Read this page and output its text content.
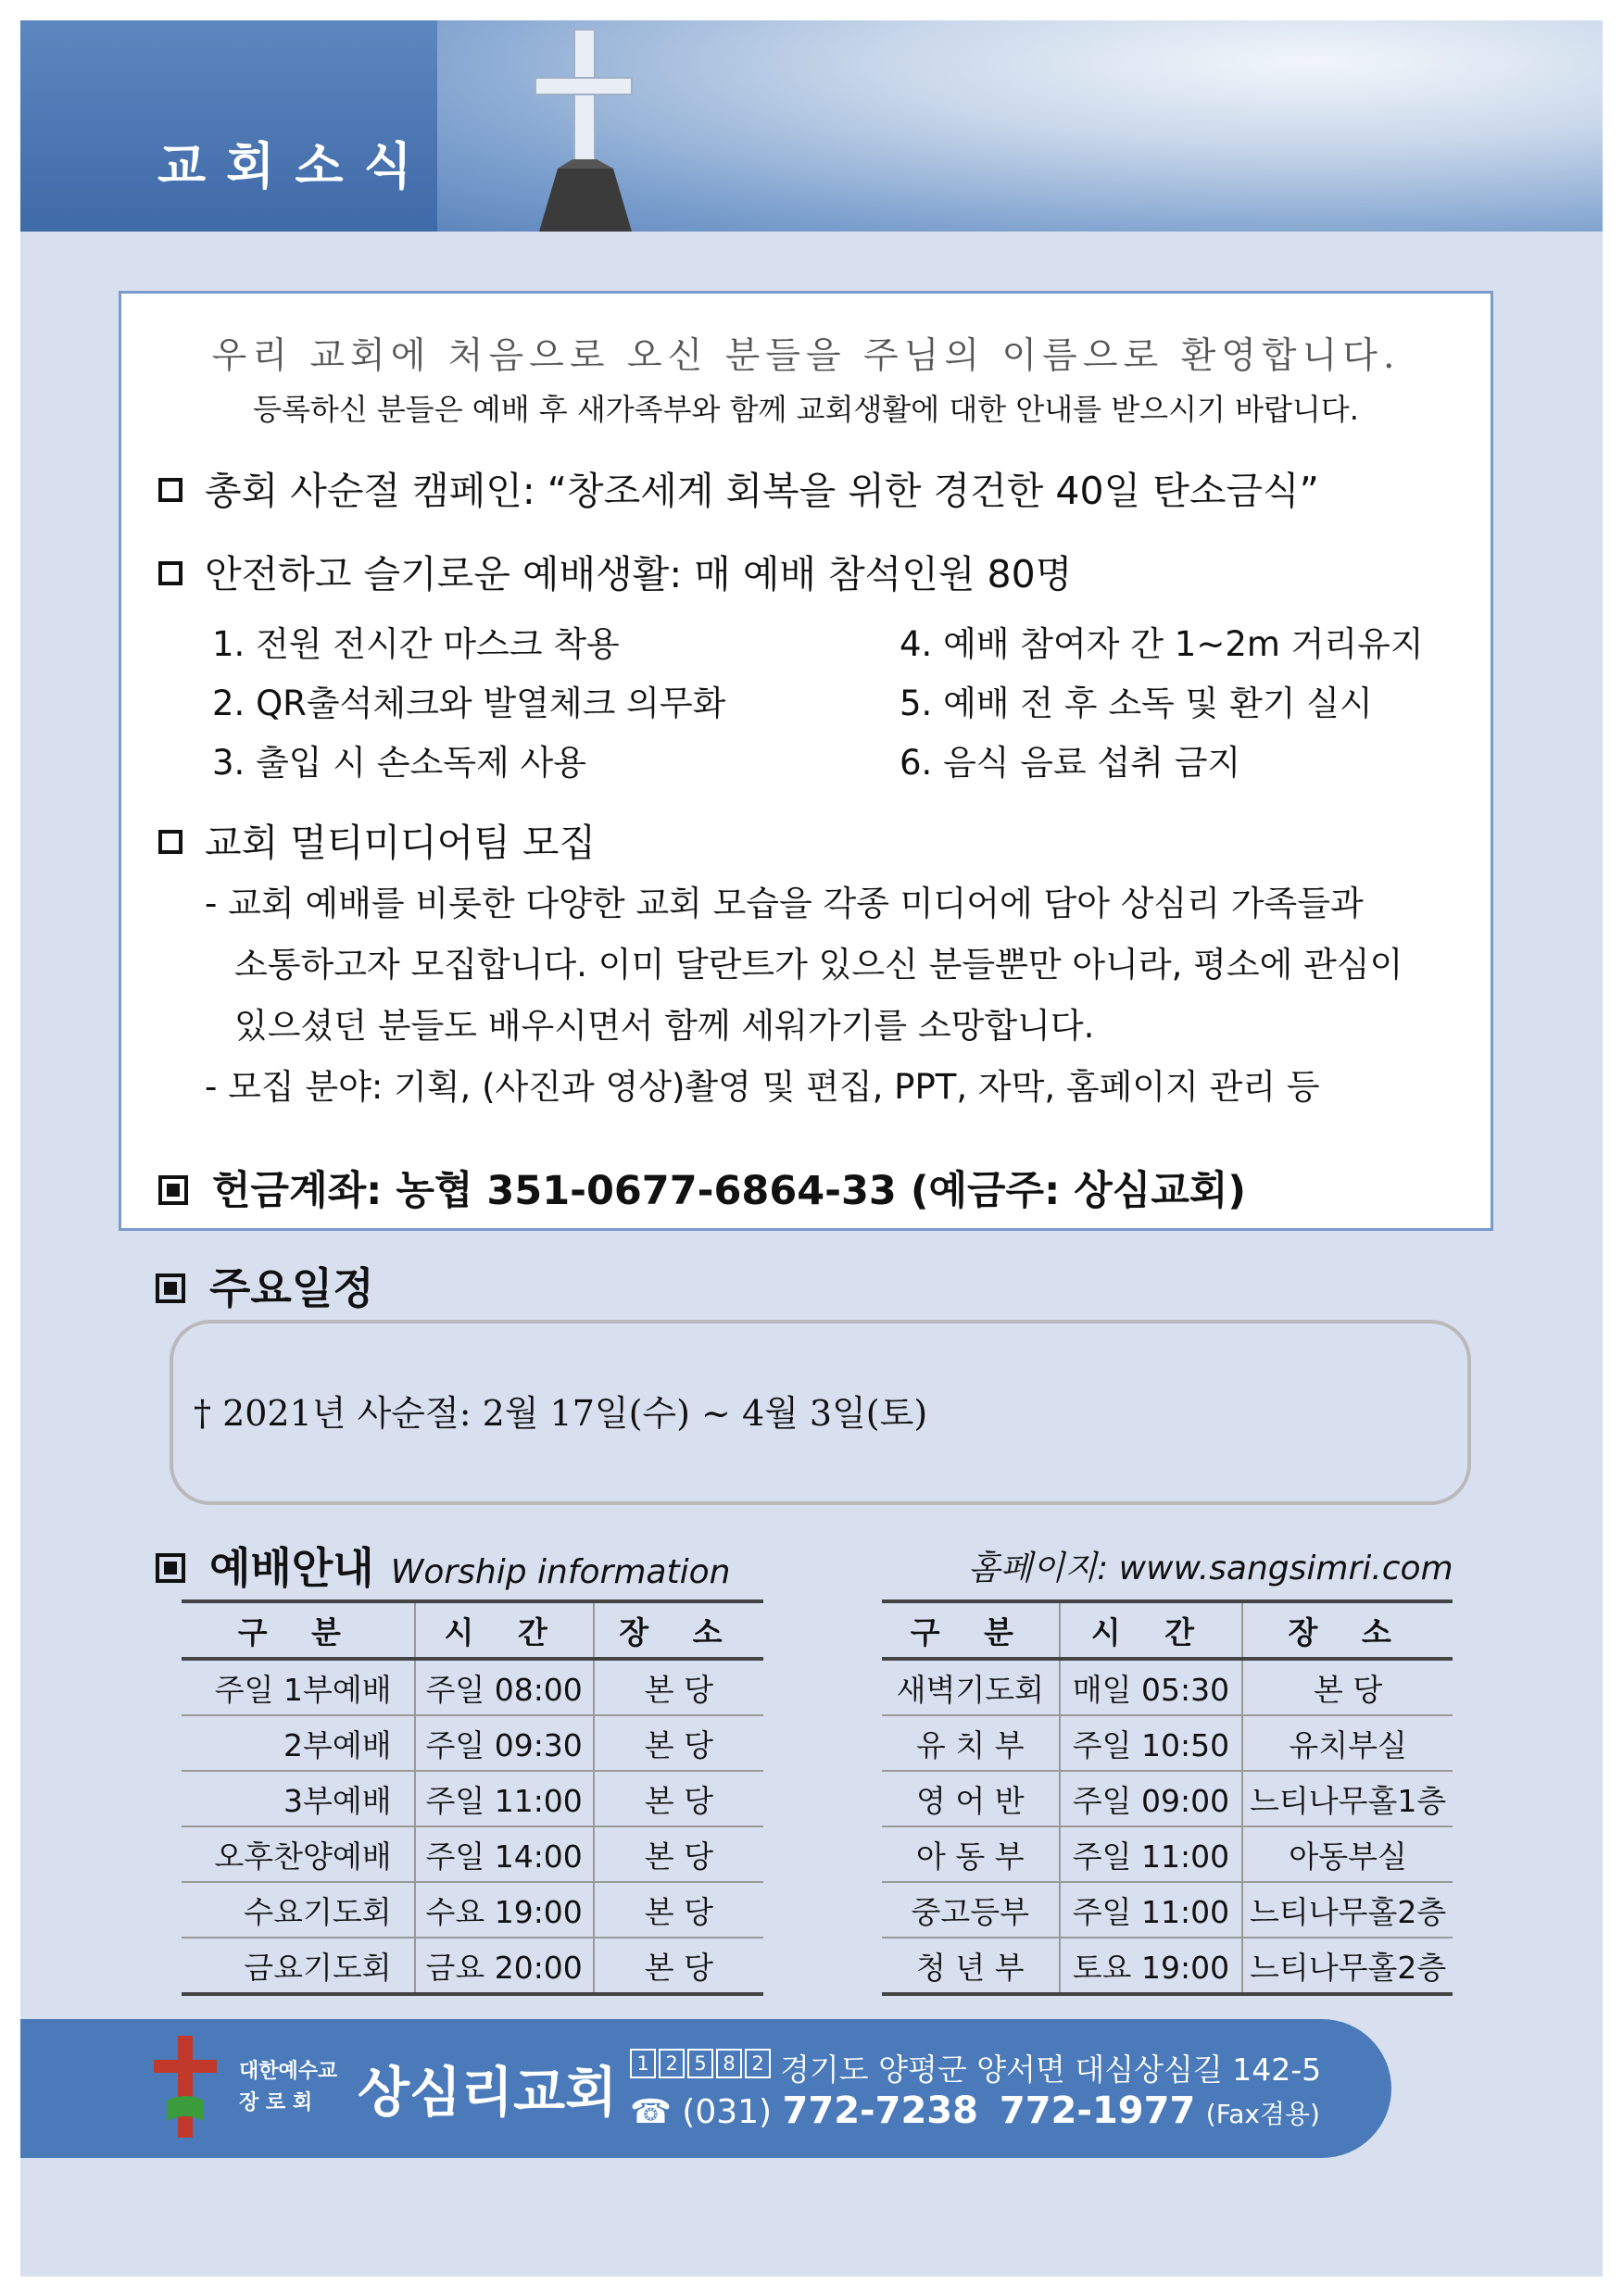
교회소식
우리 교회에 처음으로 오신 분들을 주님의 이름으로 환영합니다.
등록하신 분들은 예배 후 새가족부와 함께 교회생활에 대한 안내를 받으시기 바랍니다.
총회 사순절 캠페인: “창조세계 회복을 위한 경건한 40일 탄소금식”
안전하고 슬기로운 예배생활: 매 예배 참석인원 80명
1. 전원 전시간 마스크 착용
2. QR출석체크와 발열체크 의무화
3. 출입 시 손소독제 사용
4. 예배 참여자 간 1~2m 거리유지
5. 예배 전 후 소독 및 환기 실시
6. 음식 음료 섭취 금지
교회 멀티미디어팀 모집
- 교회 예배를 비롯한 다양한 교회 모습을 각종 미디어에 담아 상심리 가족들과
소통하고자 모집합니다. 이미 달란트가 있으신 분들뿐만 아니라, 평소에 관심이
있으셨던 분들도 배우시면서 함께 세워가기를 소망합니다.
- 모집 분야: 기획, (사진과 영상)촬영 및 편집, PPT, 자막, 홈페이지 관리 등
헌금계좌: 농협 351-0677-6864-33 (예금주: 상심교회)
주요일정
† 2021년 사순절: 2월 17일(수) ~ 4월 3일(토)
예배안내 Worship information	홈페이지: www.sangsimri.com
구 분	시 간	장 소
주일 1부예배	주일 08:00	본 당
2부예배	주일 09:30	본 당
3부예배	주일 11:00	본 당
오후찬양예배	주일 14:00	본 당
수요기도회	수요 19:00	본 당
금요기도회	금요 20:00	본 당
구 분	시 간	장 소
새벽기도회	매일 05:30	본 당
유 치 부	주일 10:50	유치부실
영 어 반	주일 09:00	느티나무홀1층
아 동 부	주일 11:00	아동부실
중고등부	주일 11:00	느티나무홀2층
청 년 부	토요 19:00	느티나무홀2층
대한예수교
장 로 회 상심리교회	1 2 5 8 2 경기도 양평군 양서면 대심상심길 142-5
☎ (031) 772-7238 772-1977 (Fax겸용)
